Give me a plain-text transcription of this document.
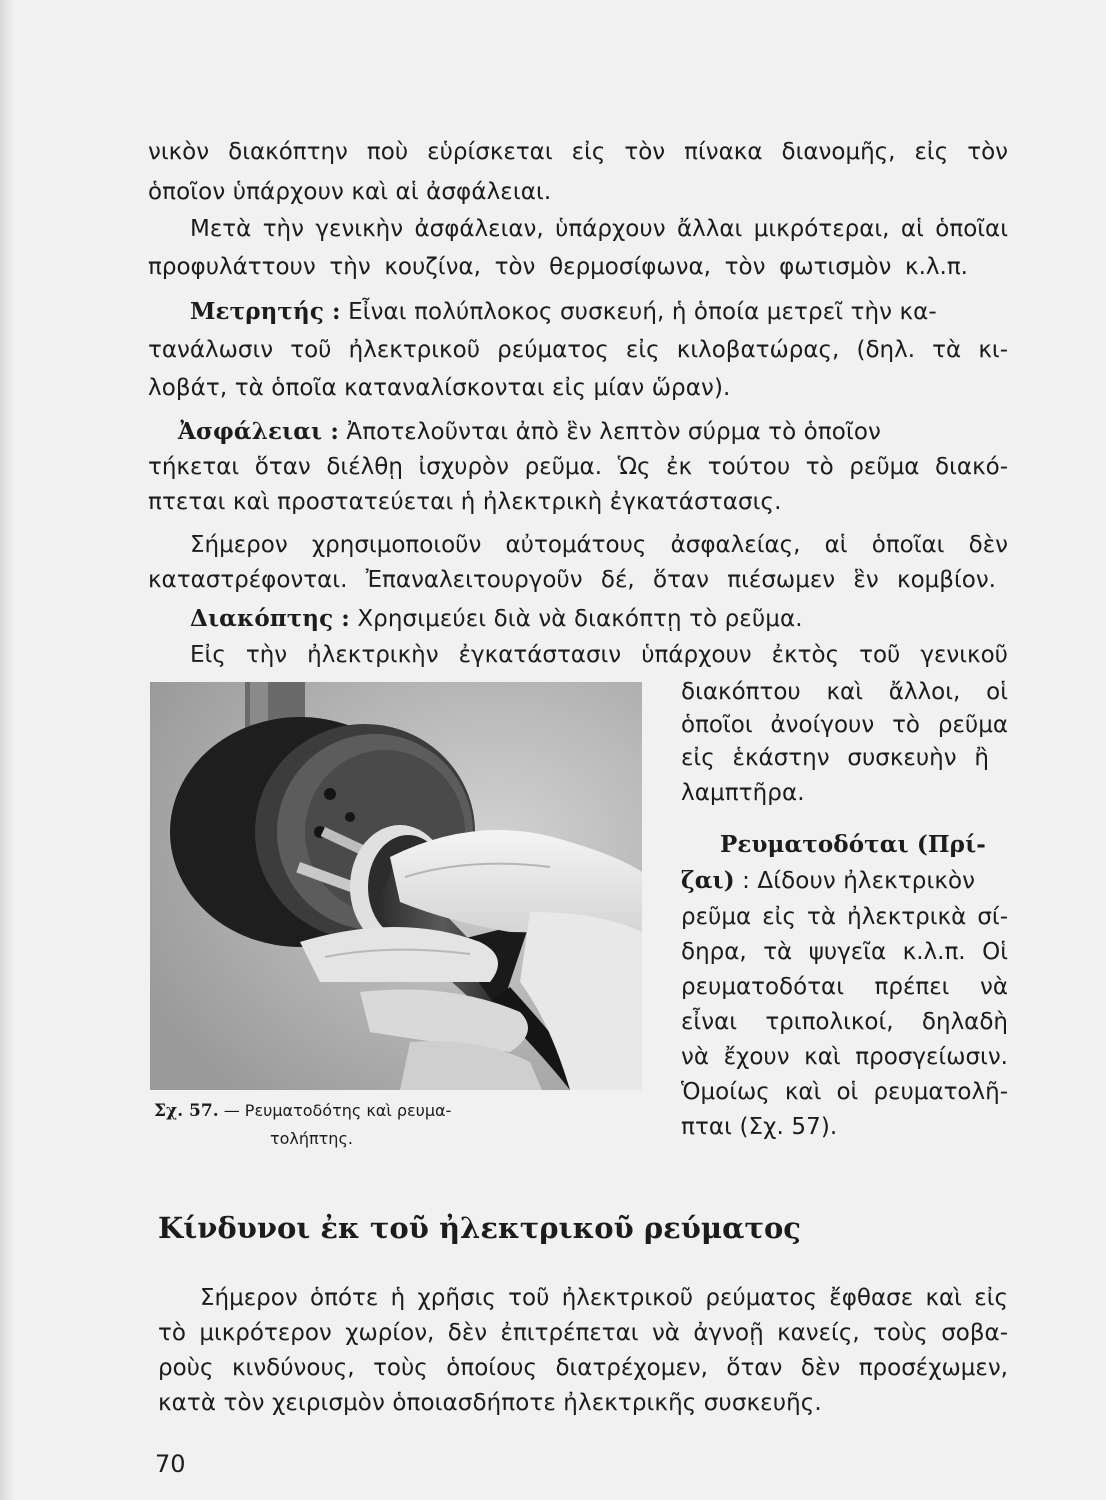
νικὸν διακόπτην ποὺ εὑρίσκεται εἰς τὸν πίνακα διανομῆς, εἰς τὸν
ὁποῖον ὑπάρχουν καὶ αἱ ἀσφάλειαι.
Μετὰ τὴν γενικὴν ἀσφάλειαν, ὑπάρχουν ἄλλαι μικρότεραι, αἱ ὁποῖαι
προφυλάττουν τὴν κουζίνα, τὸν θερμοσίφωνα, τὸν φωτισμὸν κ.λ.π.
Μετρητής : Εἶναι πολύπλοκος συσκευή, ἡ ὁποία μετρεῖ τὴν κα-
τανάλωσιν τοῦ ἠλεκτρικοῦ ρεύματος εἰς κιλοβατώρας, (δηλ. τὰ κι-
λοβάτ, τὰ ὁποῖα καταναλίσκονται εἰς μίαν ὥραν).
Ἀσφάλειαι : Ἀποτελοῦνται ἀπὸ ἓν λεπτὸν σύρμα τὸ ὁποῖον
τήκεται ὅταν διέλθῃ ἰσχυρὸν ρεῦμα. Ὡς ἐκ τούτου τὸ ρεῦμα διακό-
πτεται καὶ προστατεύεται ἡ ἠλεκτρικὴ ἐγκατάστασις.
Σήμερον χρησιμοποιοῦν αὐτομάτους ἀσφαλείας, αἱ ὁποῖαι δὲν
καταστρέφονται. Ἐπαναλειτουργοῦν δέ, ὅταν πιέσωμεν ἓν κομβίον.
Διακόπτης : Χρησιμεύει διὰ νὰ διακόπτῃ τὸ ρεῦμα.
Εἰς τὴν ἠλεκτρικὴν ἐγκατάστασιν ὑπάρχουν ἐκτὸς τοῦ γενικοῦ
Σχ. 57. — Ρευματοδότης καὶ ρευμα-
τολήπτης.
διακόπτου καὶ ἄλλοι, οἱ
ὁποῖοι ἀνοίγουν τὸ ρεῦμα
εἰς ἑκάστην συσκευὴν ἢ
λαμπτῆρα.
Ρευματοδόται (Πρί-
ζαι) : Δίδουν ἠλεκτρικὸν
ρεῦμα εἰς τὰ ἠλεκτρικὰ σί-
δηρα, τὰ ψυγεῖα κ.λ.π. Οἱ
ρευματοδόται πρέπει νὰ
εἶναι τριπολικοί, δηλαδὴ
νὰ ἔχουν καὶ προσγείωσιν.
Ὁμοίως καὶ οἱ ρευματολῆ-
πται (Σχ. 57).
Κίνδυνοι ἐκ τοῦ ἠλεκτρικοῦ ρεύματος
Σήμερον ὁπότε ἡ χρῆσις τοῦ ἠλεκτρικοῦ ρεύματος ἔφθασε καὶ εἰς
τὸ μικρότερον χωρίον, δὲν ἐπιτρέπεται νὰ ἀγνοῇ κανείς, τοὺς σοβα-
ροὺς κινδύνους, τοὺς ὁποίους διατρέχομεν, ὅταν δὲν προσέχωμεν,
κατὰ τὸν χειρισμὸν ὁποιασδήποτε ἠλεκτρικῆς συσκευῆς.
70
